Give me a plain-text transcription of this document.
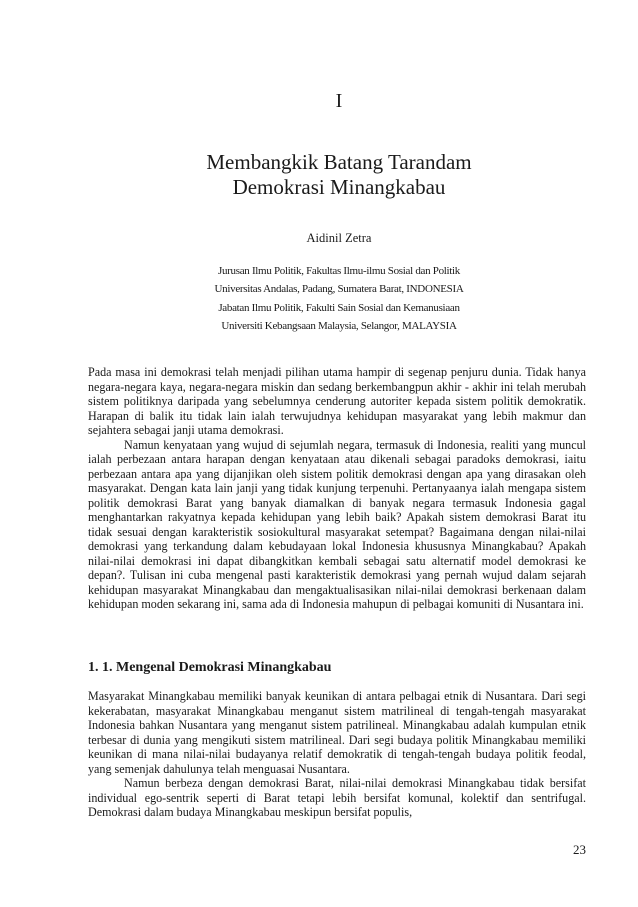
I
Membangkik Batang Tarandam
Demokrasi Minangkabau
Aidinil Zetra
Jurusan Ilmu Politik, Fakultas Ilmu-ilmu Sosial dan Politik
Universitas Andalas, Padang, Sumatera Barat, INDONESIA
Jabatan Ilmu Politik, Fakulti Sain Sosial dan Kemanusiaan
Universiti Kebangsaan Malaysia, Selangor, MALAYSIA

Pada masa ini demokrasi telah menjadi pilihan utama hampir di segenap penjuru dunia. Tidak hanya negara-negara kaya, negara-negara miskin dan sedang berkembangpun akhir - akhir ini telah merubah sistem politiknya daripada yang sebelumnya cenderung autoriter kepada sistem politik demokratik. Harapan di balik itu tidak lain ialah terwujudnya kehidupan masyarakat yang lebih makmur dan sejahtera sebagai janji utama demokrasi.

Namun kenyataan yang wujud di sejumlah negara, termasuk di Indonesia, realiti yang muncul ialah perbezaan antara harapan dengan kenyataan atau dikenali sebagai paradoks demokrasi, iaitu perbezaan antara apa yang dijanjikan oleh sistem politik demokrasi dengan apa yang dirasakan oleh masyarakat. Dengan kata lain janji yang tidak kunjung terpenuhi. Pertanyaanya ialah mengapa sistem politik demokrasi Barat yang banyak diamalkan di banyak negara termasuk Indonesia gagal menghantarkan rakyatnya kepada kehidupan yang lebih baik? Apakah sistem demokrasi Barat itu tidak sesuai dengan karakteristik sosiokultural masyarakat setempat? Bagaimana dengan nilai-nilai demokrasi yang terkandung dalam kebudayaan lokal Indonesia khususnya Minangkabau? Apakah nilai-nilai demokrasi ini dapat dibangkitkan kembali sebagai satu alternatif model demokrasi ke depan?. Tulisan ini cuba mengenal pasti karakteristik demokrasi yang pernah wujud dalam sejarah kehidupan masyarakat Minangkabau dan mengaktualisasikan nilai-nilai demokrasi berkenaan dalam kehidupan moden sekarang ini, sama ada di Indonesia mahupun di pelbagai komuniti di Nusantara ini.

1. 1. Mengenal Demokrasi Minangkabau

Masyarakat Minangkabau memiliki banyak keunikan di antara pelbagai etnik di Nusantara. Dari segi kekerabatan, masyarakat Minangkabau menganut sistem matrilineal di tengah-tengah masyarakat Indonesia bahkan Nusantara yang menganut sistem patrilineal. Minangkabau adalah kumpulan etnik terbesar di dunia yang mengikuti sistem matrilineal. Dari segi budaya politik Minangkabau memiliki keunikan di mana nilai-nilai budayanya relatif demokratik di tengah-tengah budaya politik feodal, yang semenjak dahulunya telah menguasai Nusantara.

Namun berbeza dengan demokrasi Barat, nilai-nilai demokrasi Minangkabau tidak bersifat individual ego-sentrik seperti di Barat tetapi lebih bersifat komunal, kolektif dan sentrifugal. Demokrasi dalam budaya Minangkabau meskipun bersifat populis,

23
